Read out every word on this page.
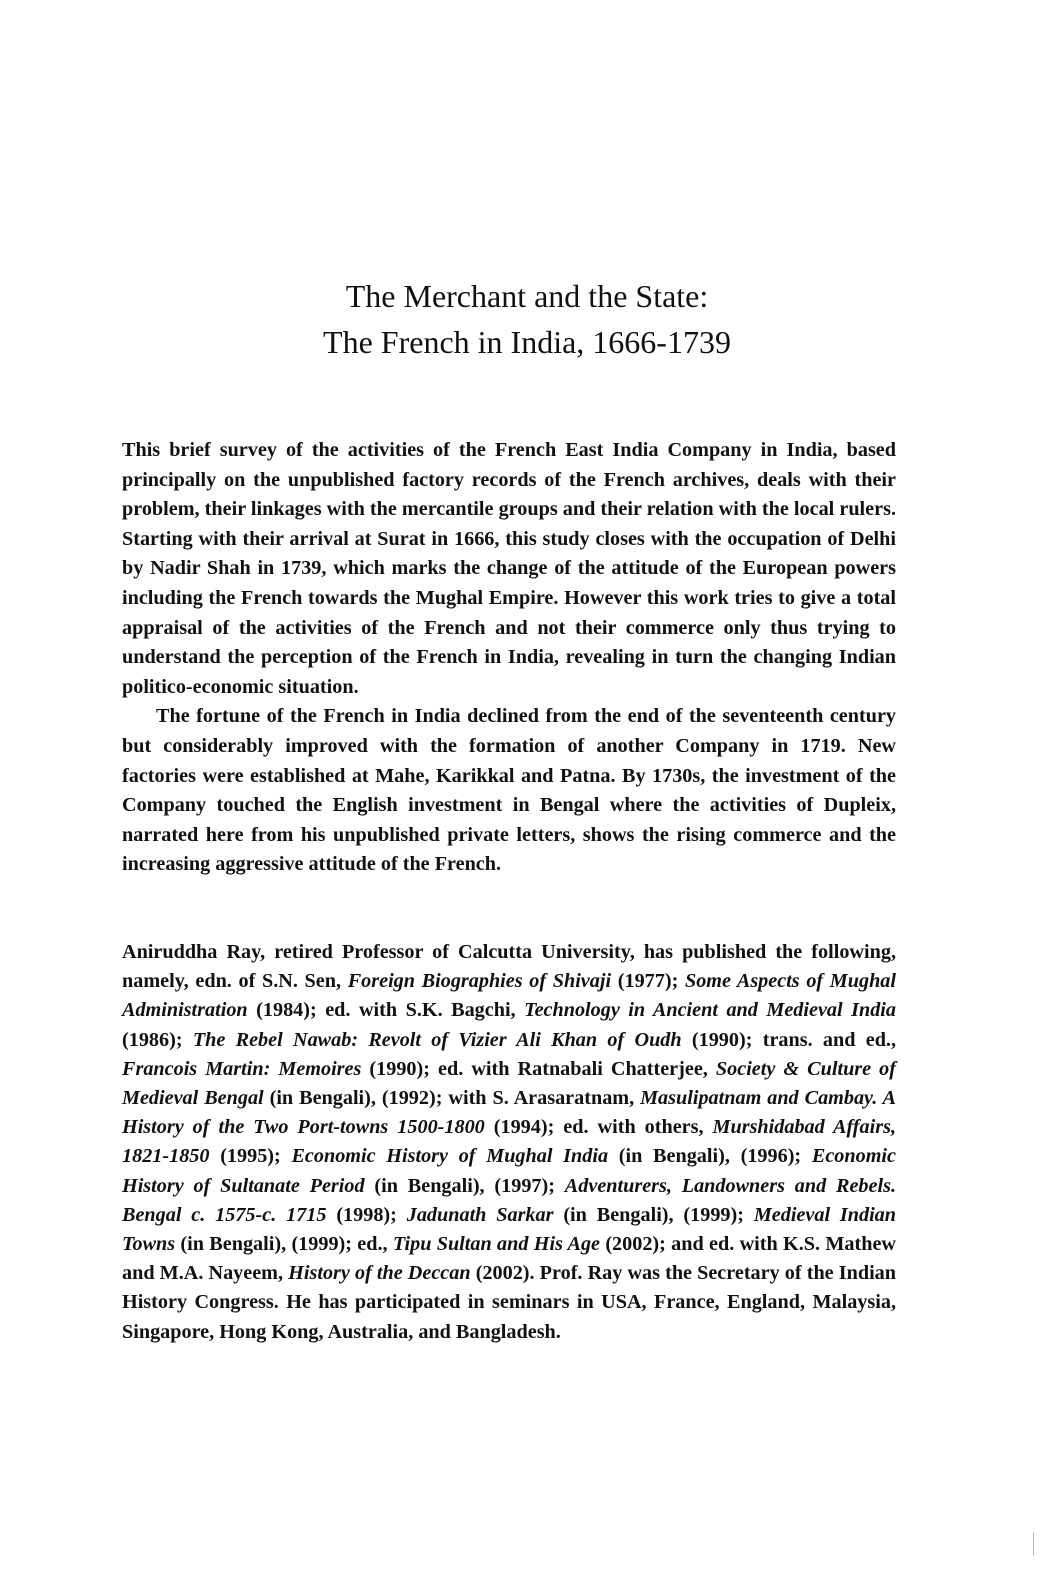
The Merchant and the State:
The French in India, 1666-1739

This brief survey of the activities of the French East India Company in India, based principally on the unpublished factory records of the French archives, deals with their problem, their linkages with the mercantile groups and their relation with the local rulers. Starting with their arrival at Surat in 1666, this study closes with the occupation of Delhi by Nadir Shah in 1739, which marks the change of the attitude of the European powers including the French towards the Mughal Empire. However this work tries to give a total appraisal of the activities of the French and not their commerce only thus trying to understand the perception of the French in India, revealing in turn the changing Indian politico-economic situation.

The fortune of the French in India declined from the end of the seventeenth century but considerably improved with the formation of another Company in 1719. New factories were established at Mahe, Karikkal and Patna. By 1730s, the investment of the Company touched the English investment in Bengal where the activities of Dupleix, narrated here from his unpublished private letters, shows the rising commerce and the increasing aggressive attitude of the French.

Aniruddha Ray, retired Professor of Calcutta University, has published the following, namely, edn. of S.N. Sen, Foreign Biographies of Shivaji (1977); Some Aspects of Mughal Administration (1984); ed. with S.K. Bagchi, Technology in Ancient and Medieval India (1986); The Rebel Nawab: Revolt of Vizier Ali Khan of Oudh (1990); trans. and ed., Francois Martin: Memoires (1990); ed. with Ratnabali Chatterjee, Society & Culture of Medieval Bengal (in Bengali), (1992); with S. Arasaratnam, Masulipatnam and Cambay. A History of the Two Port-towns 1500-1800 (1994); ed. with others, Murshidabad Affairs, 1821-1850 (1995); Economic History of Mughal India (in Bengali), (1996); Economic History of Sultanate Period (in Bengali), (1997); Adventurers, Landowners and Rebels. Bengal c. 1575-c. 1715 (1998); Jadunath Sarkar (in Bengali), (1999); Medieval Indian Towns (in Bengali), (1999); ed., Tipu Sultan and His Age (2002); and ed. with K.S. Mathew and M.A. Nayeem, History of the Deccan (2002). Prof. Ray was the Secretary of the Indian History Congress. He has participated in seminars in USA, France, England, Malaysia, Singapore, Hong Kong, Australia, and Bangladesh.
